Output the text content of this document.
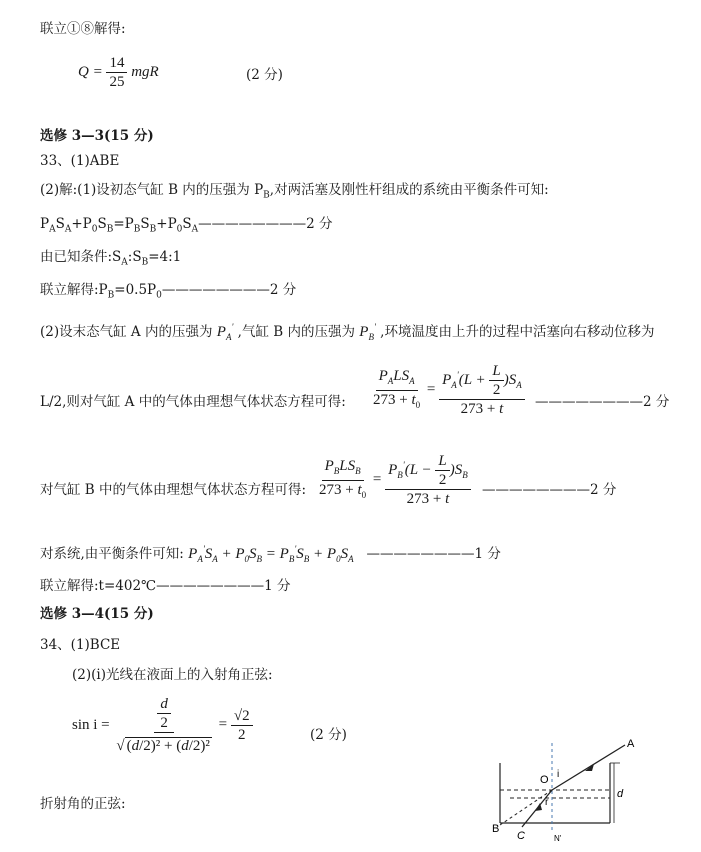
联立①⑧解得:
$Q = \frac{14}{25}$ mgR	(2 分)
选修 3—3(15 分)
33、(1)ABE
(2)解:(1)设初态气缸 B 内的压强为 $P_B$,对两活塞及刚性杆组成的系统由平衡条件可知:
$P_AS_A+P_0S_B=P_BS_B+P_0S_A————————2$ 分
由已知条件$:S_A:S_B=4:1$
联立解得$:P_B=0.5P_0————————2$ 分
(2)设末态气缸 A 内的压强为 $P_A'$ ,气缸 B 内的压强为 $P_B'$ ,环境温度由上升的过程中活塞向右移动位移为
L/2,则对气缸 A 中的气体由理想气体状态方程可得: $\frac{P_ALS_A}{273 + t_0} = \frac{P_A'(L + \frac{L}{2} )S_A}{273 + t}$ ————————2 分
对气缸 B 中的气体由理想气体状态方程可得: $\frac{P_BLS_B}{273 + t_0} = \frac{P_B'(L - \frac{L}{2} )S_B}{273 + t}$ ————————2 分
对系统,由平衡条件可知: $P_A'S_A + P_0S_B = P_B'S_B + P_0S_A$ ————————1 分
联立解得:t=402℃————————1 分
选修 3—4(15 分)
34、(1)BCE
(2)(i)光线在液面上的入射角正弦:
$\sin i = \frac{\frac{d}{2}}{\text{√ (d/2)² + (d/2)²}} = \frac{√2}{2}$	(2 分)
折射角的正弦:
A
B
C
O i
r
d
N'
